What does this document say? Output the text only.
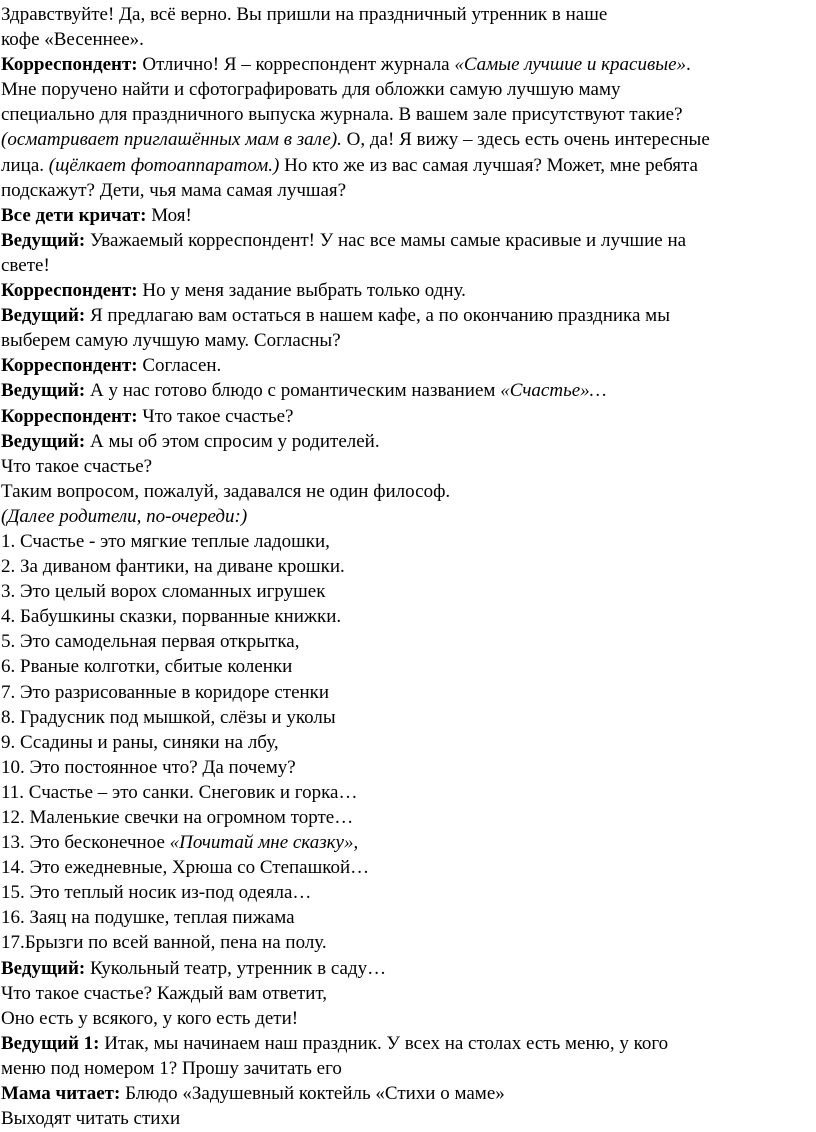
Здравствуйте! Да, всё верно. Вы пришли на праздничный утренник в наше

кофе «Весеннее».

Корреспондент: Отлично! Я – корреспондент журнала «Самые лучшие и красивые».

Мне поручено найти и сфотографировать для обложки самую лучшую маму

специально для праздничного выпуска журнала. В вашем зале присутствуют такие?

(осматривает приглашённых мам в зале). О, да! Я вижу – здесь есть очень интересные

лица. (щёлкает фотоаппаратом.) Но кто же из вас самая лучшая? Может, мне ребята

подскажут? Дети, чья мама самая лучшая?

Все дети кричат: Моя!

Ведущий: Уважаемый корреспондент! У нас все мамы самые красивые и лучшие на

свете!

Корреспондент: Но у меня задание выбрать только одну.

Ведущий: Я предлагаю вам остаться в нашем кафе, а по окончанию праздника мы

выберем самую лучшую маму. Согласны?

Корреспондент: Согласен.

Ведущий: А у нас готово блюдо с романтическим названием «Счастье»…

Корреспондент: Что такое счастье?

Ведущий: А мы об этом спросим у родителей.

Что такое счастье?

Таким вопросом, пожалуй, задавался не один философ.

(Далее родители, по-очереди:)

1. Счастье - это мягкие теплые ладошки,

2. За диваном фантики, на диване крошки.

3. Это целый ворох сломанных игрушек

4. Бабушкины сказки, порванные книжки.

5. Это самодельная первая открытка,

6. Рваные колготки, сбитые коленки

7. Это разрисованные в коридоре стенки

8. Градусник под мышкой, слёзы и уколы

9. Ссадины и раны, синяки на лбу,

10. Это постоянное что? Да почему?

11. Счастье – это санки. Снеговик и горка…

12. Маленькие свечки на огромном торте…

13. Это бесконечное «Почитай мне сказку»,

14. Это ежедневные, Хрюша со Степашкой…

15. Это теплый носик из-под одеяла…

16. Заяц на подушке, теплая пижама

17.Брызги по всей ванной, пена на полу.

Ведущий: Кукольный театр, утренник в саду…

Что такое счастье? Каждый вам ответит,

Оно есть у всякого, у кого есть дети!

Ведущий 1: Итак, мы начинаем наш праздник. У всех на столах есть меню, у кого

меню под номером 1? Прошу зачитать его

Мама читает: Блюдо «Задушевный коктейль «Стихи о маме»

Выходят читать стихи
